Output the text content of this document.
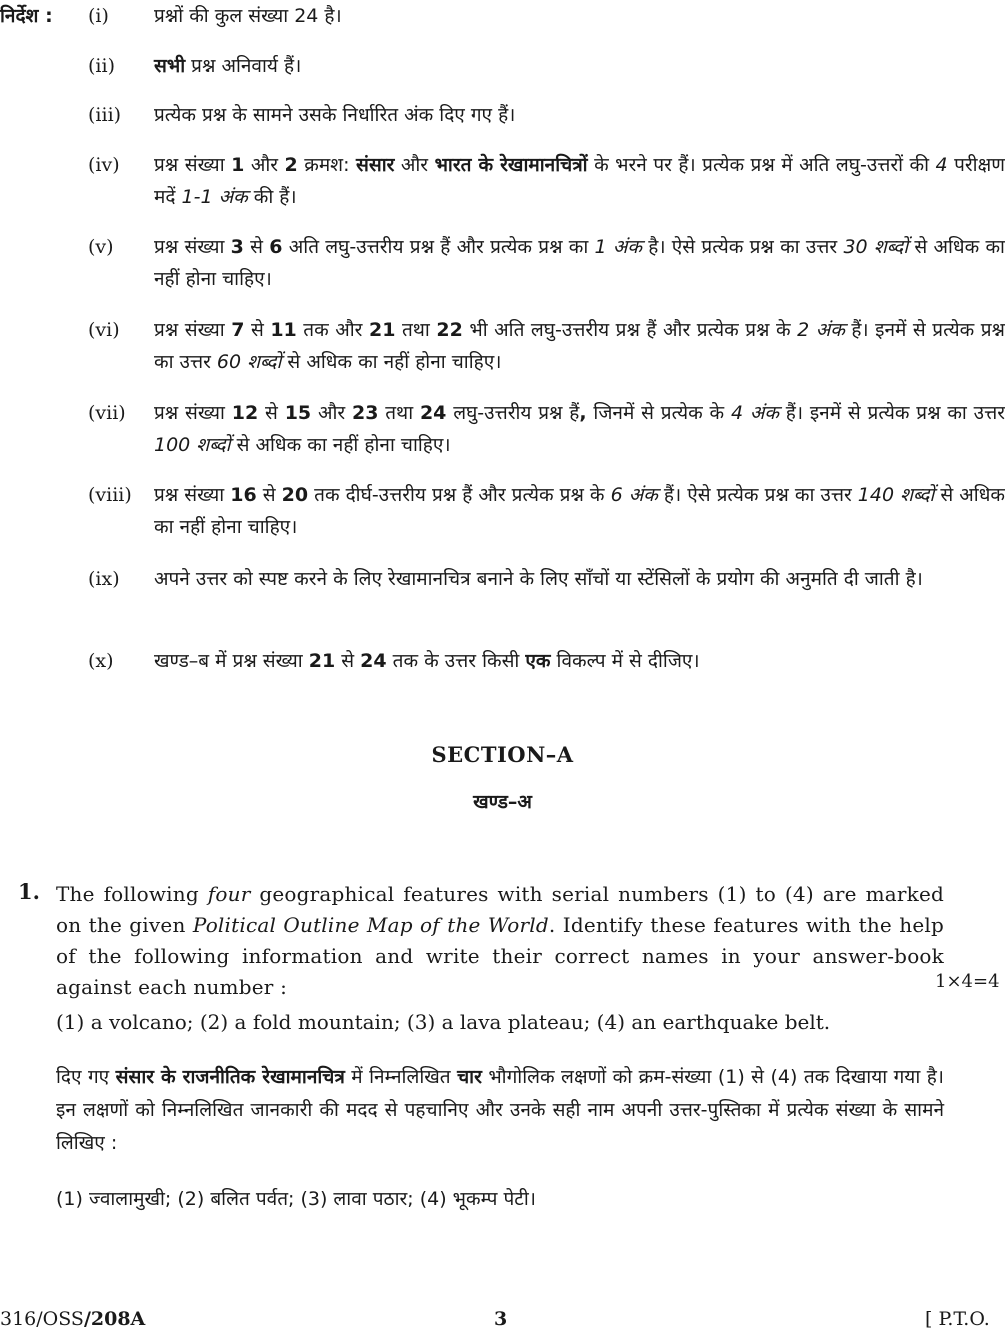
निर्देश : (i) प्रश्नों की कुल संख्या 24 है।
(ii) सभी प्रश्न अनिवार्य हैं।
(iii) प्रत्येक प्रश्न के सामने उसके निर्धारित अंक दिए गए हैं।
(iv) प्रश्न संख्या 1 और 2 क्रमश: संसार और भारत के रेखामानचित्रों के भरने पर हैं। प्रत्येक प्रश्न में अति लघु-उत्तरों की 4 परीक्षण मदें 1-1 अंक की हैं।
(v) प्रश्न संख्या 3 से 6 अति लघु-उत्तरीय प्रश्न हैं और प्रत्येक प्रश्न का 1 अंक है। ऐसे प्रत्येक प्रश्न का उत्तर 30 शब्दों से अधिक का नहीं होना चाहिए।
(vi) प्रश्न संख्या 7 से 11 तक और 21 तथा 22 भी अति लघु-उत्तरीय प्रश्न हैं और प्रत्येक प्रश्न के 2 अंक हैं। इनमें से प्रत्येक प्रश्न का उत्तर 60 शब्दों से अधिक का नहीं होना चाहिए।
(vii) प्रश्न संख्या 12 से 15 और 23 तथा 24 लघु-उत्तरीय प्रश्न हैं, जिनमें से प्रत्येक के 4 अंक हैं। इनमें से प्रत्येक प्रश्न का उत्तर 100 शब्दों से अधिक का नहीं होना चाहिए।
(viii) प्रश्न संख्या 16 से 20 तक दीर्घ-उत्तरीय प्रश्न हैं और प्रत्येक प्रश्न के 6 अंक हैं। ऐसे प्रत्येक प्रश्न का उत्तर 140 शब्दों से अधिक का नहीं होना चाहिए।
(ix) अपने उत्तर को स्पष्ट करने के लिए रेखामानचित्र बनाने के लिए साँचों या स्टेंसिलों के प्रयोग की अनुमति दी जाती है।
(x) खण्ड–ब में प्रश्न संख्या 21 से 24 तक के उत्तर किसी एक विकल्प में से दीजिए।
SECTION–A
खण्ड–अ
1. The following four geographical features with serial numbers (1) to (4) are marked on the given Political Outline Map of the World. Identify these features with the help of the following information and write their correct names in your answer-book against each number :	1×4=4
(1) a volcano; (2) a fold mountain; (3) a lava plateau; (4) an earthquake belt.
दिए गए संसार के राजनीतिक रेखामानचित्र में निम्नलिखित चार भौगोलिक लक्षणों को क्रम-संख्या (1) से (4) तक दिखाया गया है। इन लक्षणों को निम्नलिखित जानकारी की मदद से पहचानिए और उनके सही नाम अपनी उत्तर-पुस्तिका में प्रत्येक संख्या के सामने लिखिए :
(1) ज्वालामुखी; (2) बलित पर्वत; (3) लावा पठार; (4) भूकम्प पेटी।
316/OSS/208A	3	[ P.T.O.
